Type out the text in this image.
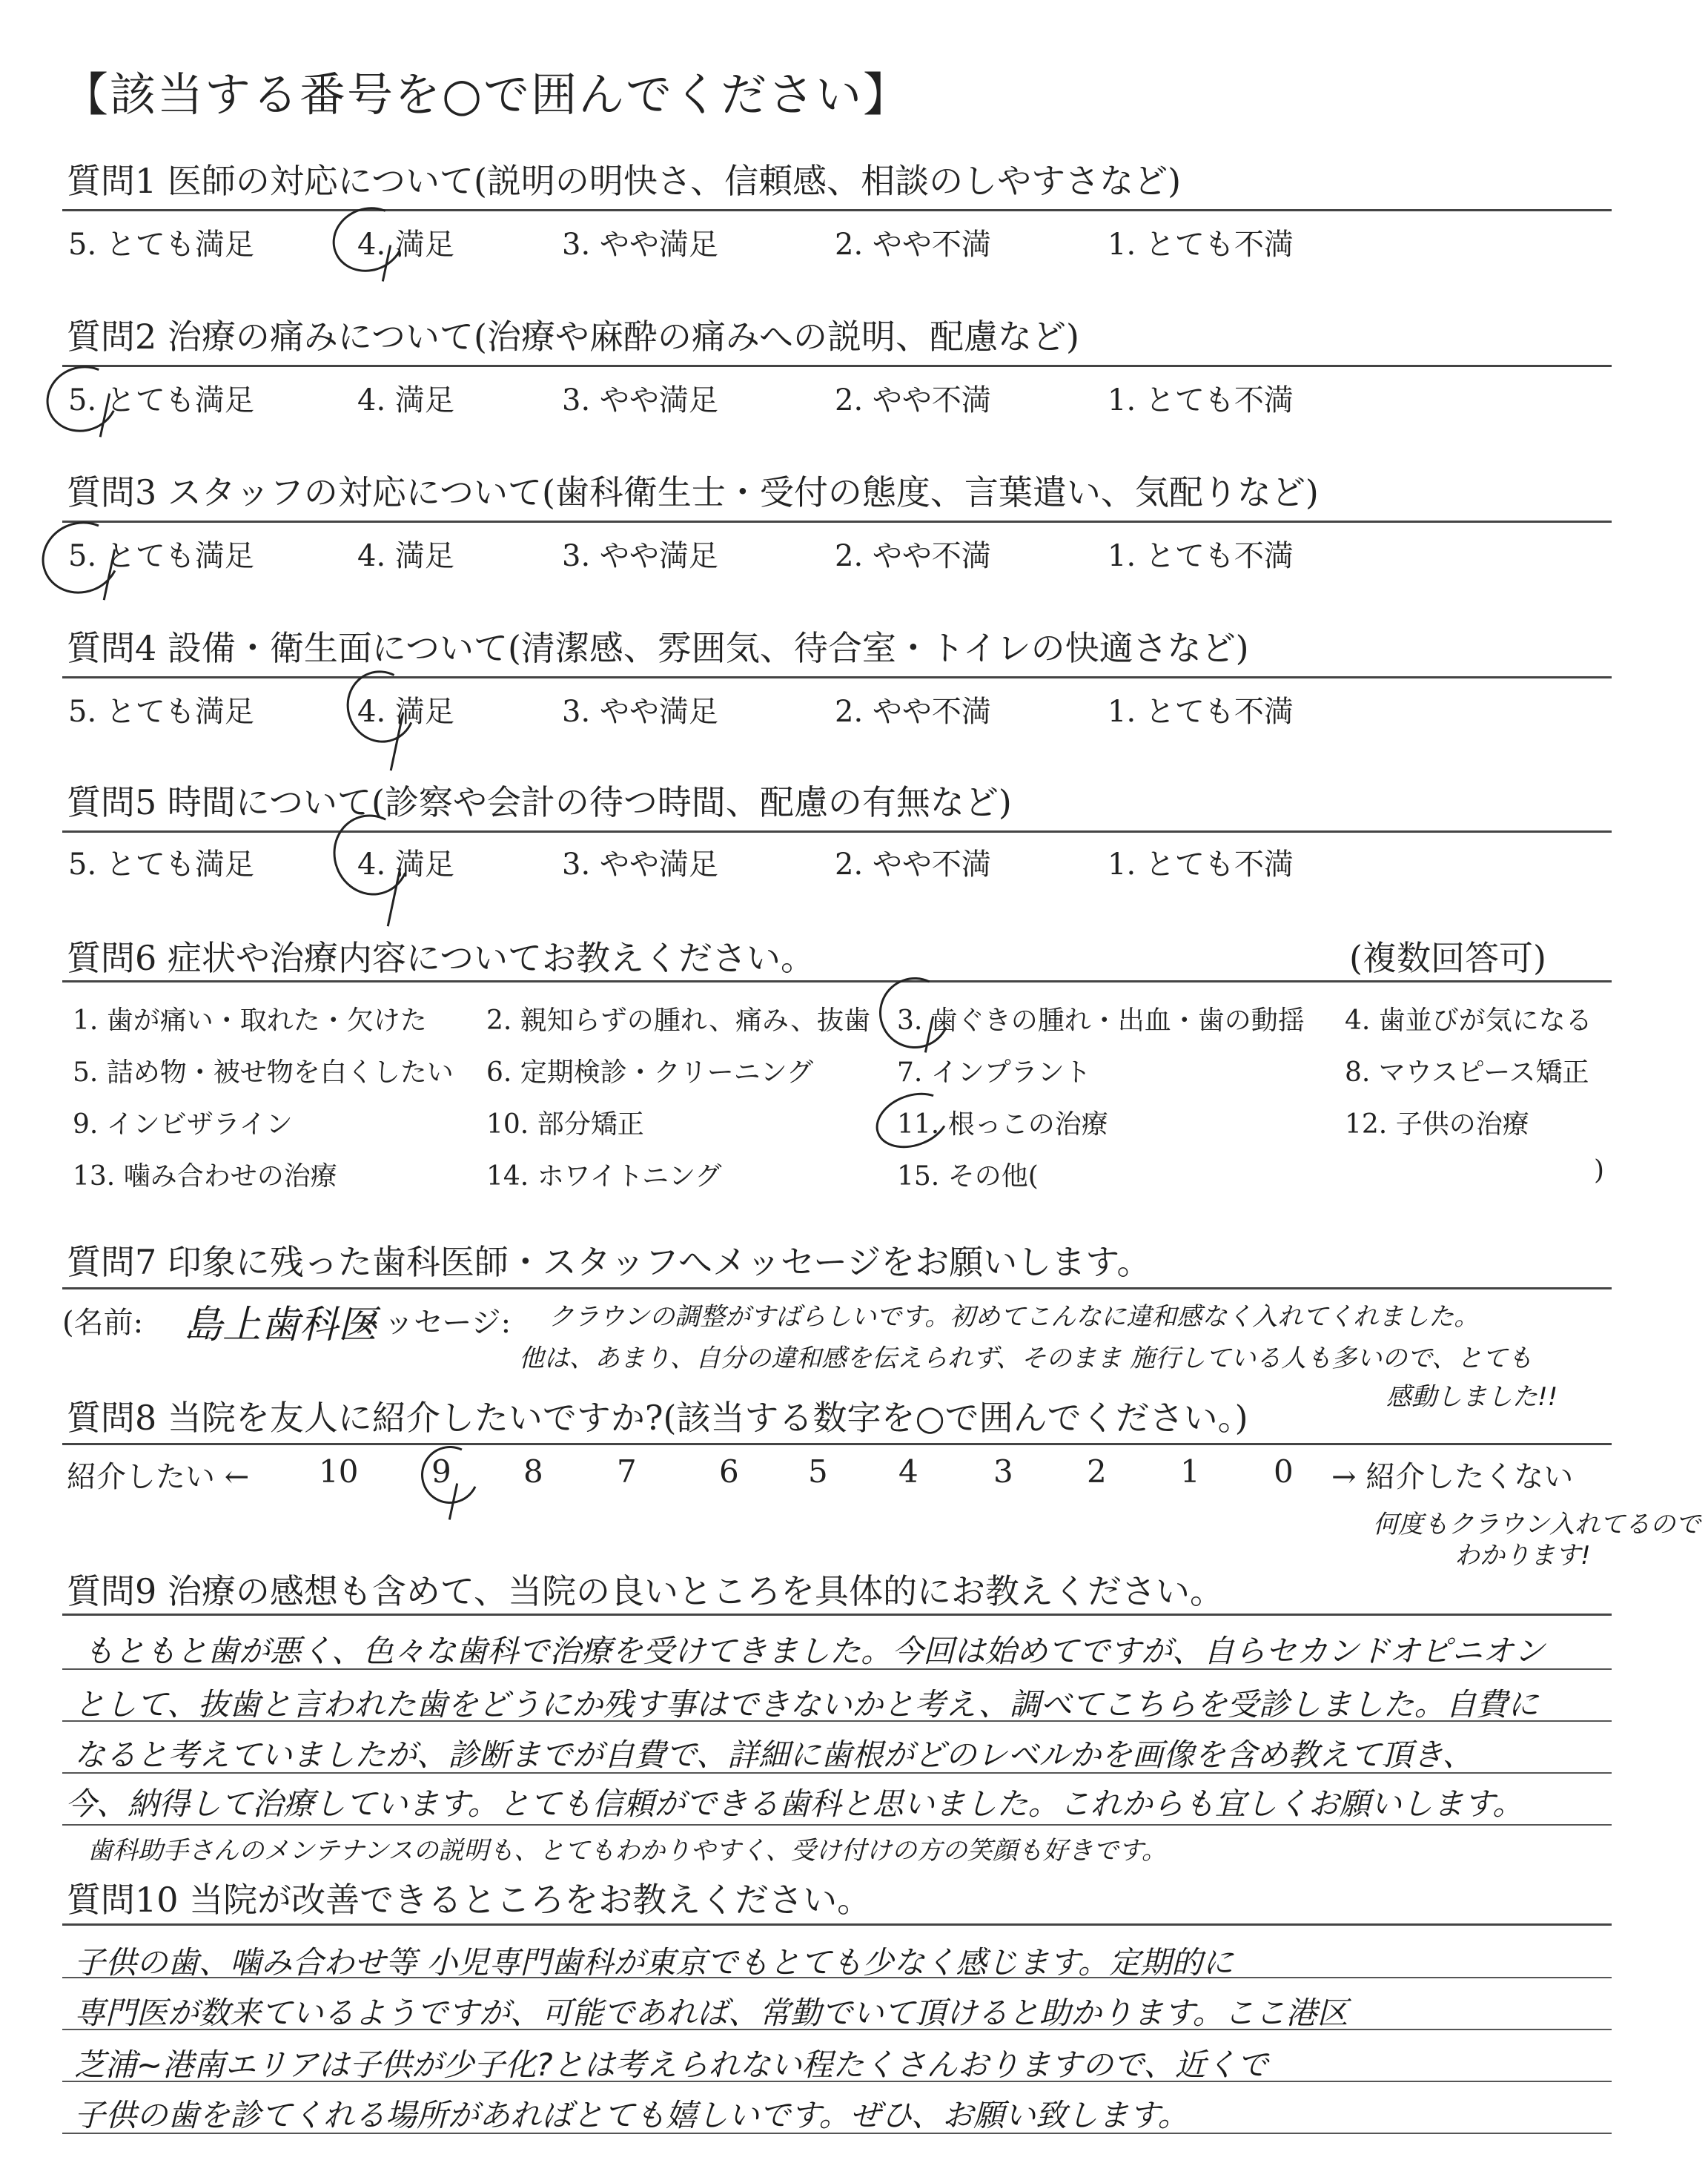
【該当する番号を○で囲んでください】
質問1 医師の対応について(説明の明快さ、信頼感、相談のしやすさなど)
5. とても満足	4. 満足	3. やや満足	2. やや不満	1. とても不満
質問2 治療の痛みについて(治療や麻酔の痛みへの説明、配慮など)
5. とても満足	4. 満足	3. やや満足	2. やや不満	1. とても不満
質問3 スタッフの対応について(歯科衛生士・受付の態度、言葉遣い、気配りなど)
5. とても満足	4. 満足	3. やや満足	2. やや不満	1. とても不満
質問4 設備・衛生面について(清潔感、雰囲気、待合室・トイレの快適さなど)
5. とても満足	4. 満足	3. やや満足	2. やや不満	1. とても不満
質問5 時間について(診察や会計の待つ時間、配慮の有無など)
5. とても満足	4. 満足	3. やや満足	2. やや不満	1. とても不満
質問6 症状や治療内容についてお教えください。	(複数回答可)
1. 歯が痛い・取れた・欠けた 2. 親知らずの腫れ、痛み、抜歯 3. 歯ぐきの腫れ・出血・歯の動揺 4. 歯並びが気になる
5. 詰め物・被せ物を白くしたい 6. 定期検診・クリーニング	7. インプラント	8. マウスピース矯正
9. インビザライン	10. 部分矯正	11. 根っこの治療	12. 子供の治療
13. 噛み合わせの治療	14. ホワイトニング	15. その他(	)
質問7 印象に残った歯科医師・スタッフへメッセージをお願いします。
(名前: 島上歯科医
メッセージ: クラウンの調整がすばらしいです。初めてこんなに違和感なく入れてくれました。
他は、あまり、自分の違和感を伝えられず、そのまま 施行している人も多いので、とても
感動しました!!
質問8 当院を友人に紹介したいですか?(該当する数字を○で囲んでください。)
紹介したい ← 10 9 8 7	6 5 4 3 2 1 0 → 紹介したくない
何度もクラウン入れてるので
わかります!
質問9 治療の感想も含めて、当院の良いところを具体的にお教えください。
もともと歯が悪く、色々な歯科で治療を受けてきました。今回は始めてですが、自らセカンドオピニオン
として、抜歯と言われた歯をどうにか残す事はできないかと考え、調べてこちらを受診しました。自費に
なると考えていましたが、診断までが自費で、詳細に歯根がどのレベルかを画像を含め教えて頂き、
今、納得して治療しています。とても信頼ができる歯科と思いました。これからも宜しくお願いします。
歯科助手さんのメンテナンスの説明も、とてもわかりやすく、受け付けの方の笑顔も好きです。
質問10 当院が改善できるところをお教えください。
子供の歯、噛み合わせ等 小児専門歯科が東京でもとても少なく感じます。定期的に
専門医が数来ているようですが、可能であれば、常勤でいて頂けると助かります。ここ港区
芝浦~港南エリアは子供が少子化?とは考えられない程たくさんおりますので、近くで
子供の歯を診てくれる場所があればとても嬉しいです。ぜひ、お願い致します。
